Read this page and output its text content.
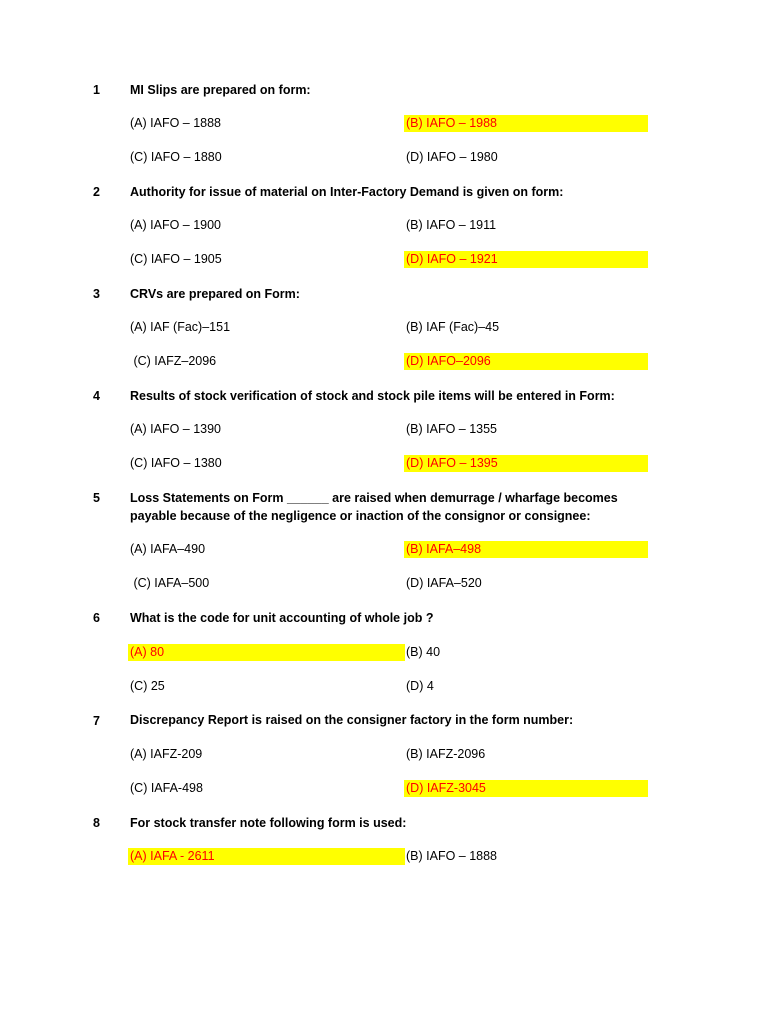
1	MI Slips are prepared on form:
(A) IAFO – 1888	(B) IAFO – 1988
(C) IAFO – 1880	(D) IAFO – 1980
2	Authority for issue of material on Inter-Factory Demand is given on form:
(A) IAFO – 1900	(B) IAFO – 1911
(C) IAFO – 1905	(D) IAFO – 1921
3	CRVs are prepared on Form:
(A) IAF (Fac)–151	(B) IAF (Fac)–45
(C) IAFZ–2096	(D) IAFO–2096
4	Results of stock verification of stock and stock pile items will be entered in Form:
(A) IAFO – 1390	(B) IAFO – 1355
(C) IAFO – 1380	(D) IAFO – 1395
5	Loss Statements on Form ______ are raised when demurrage / wharfage becomes
payable because of the negligence or inaction of the consignor or consignee:
(A) IAFA–490	(B) IAFA–498
(C) IAFA–500	(D) IAFA–520
6	What is the code for unit accounting of whole job ?
(A) 80	(B) 40
(C) 25	(D) 4
7	Discrepancy Report is raised on the consigner factory in the form number:
(A) IAFZ-209	(B) IAFZ-2096
(C) IAFA-498	(D) IAFZ-3045
8	For stock transfer note following form is used:
(A) IAFA - 2611	(B) IAFO – 1888
